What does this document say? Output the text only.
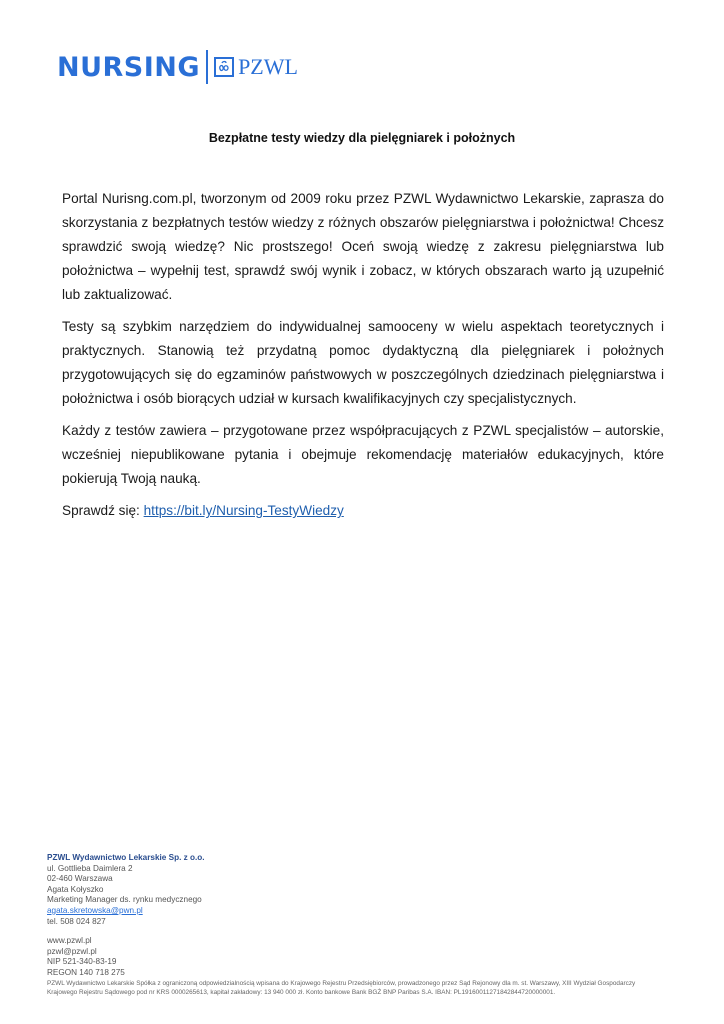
NURSING PZWL
Bezpłatne testy wiedzy dla pielęgniarek i położnych

Portal Nurisng.com.pl, tworzonym od 2009 roku przez PZWL Wydawnictwo Lekarskie, zaprasza do skorzystania z bezpłatnych testów wiedzy z różnych obszarów pielęgniarstwa i położnictwa! Chcesz sprawdzić swoją wiedzę? Nic prostszego! Oceń swoją wiedzę z zakresu pielęgniarstwa lub położnictwa – wypełnij test, sprawdź swój wynik i zobacz, w których obszarach warto ją uzupełnić lub zaktualizować.

Testy są szybkim narzędziem do indywidualnej samooceny w wielu aspektach teoretycznych i praktycznych. Stanowią też przydatną pomoc dydaktyczną dla pielęgniarek i położnych przygotowujących się do egzaminów państwowych w poszczególnych dziedzinach pielęgniarstwa i położnictwa i osób biorących udział w kursach kwalifikacyjnych czy specjalistycznych.

Każdy z testów zawiera – przygotowane przez współpracujących z PZWL specjalistów – autorskie, wcześniej niepublikowane pytania i obejmuje rekomendację materiałów edukacyjnych, które pokierują Twoją nauką.

Sprawdź się: https://bit.ly/Nursing-TestyWiedzy

PZWL Wydawnictwo Lekarskie Sp. z o.o.
ul. Gottlieba Daimlera 2
02-460 Warszawa
Agata Kołyszko
Marketing Manager ds. rynku medycznego
agata.skretowska@pwn.pl
tel. 508 024 827
www.pzwl.pl
pzwl@pzwl.pl
NIP 521-340-83-19
REGON 140 718 275
PZWL Wydawnictwo Lekarskie Spółka z ograniczoną odpowiedzialnością wpisana do Krajowego Rejestru Przedsiębiorców, prowadzonego przez Sąd Rejonowy dla m. st. Warszawy, XIII Wydział Gospodarczy
Krajowego Rejestru Sądowego pod nr KRS 0000265613, kapitał zakładowy: 13 940 000 zł. Konto bankowe Bank BGŻ BNP Paribas S.A. IBAN: PL19160011271842844720000001.
